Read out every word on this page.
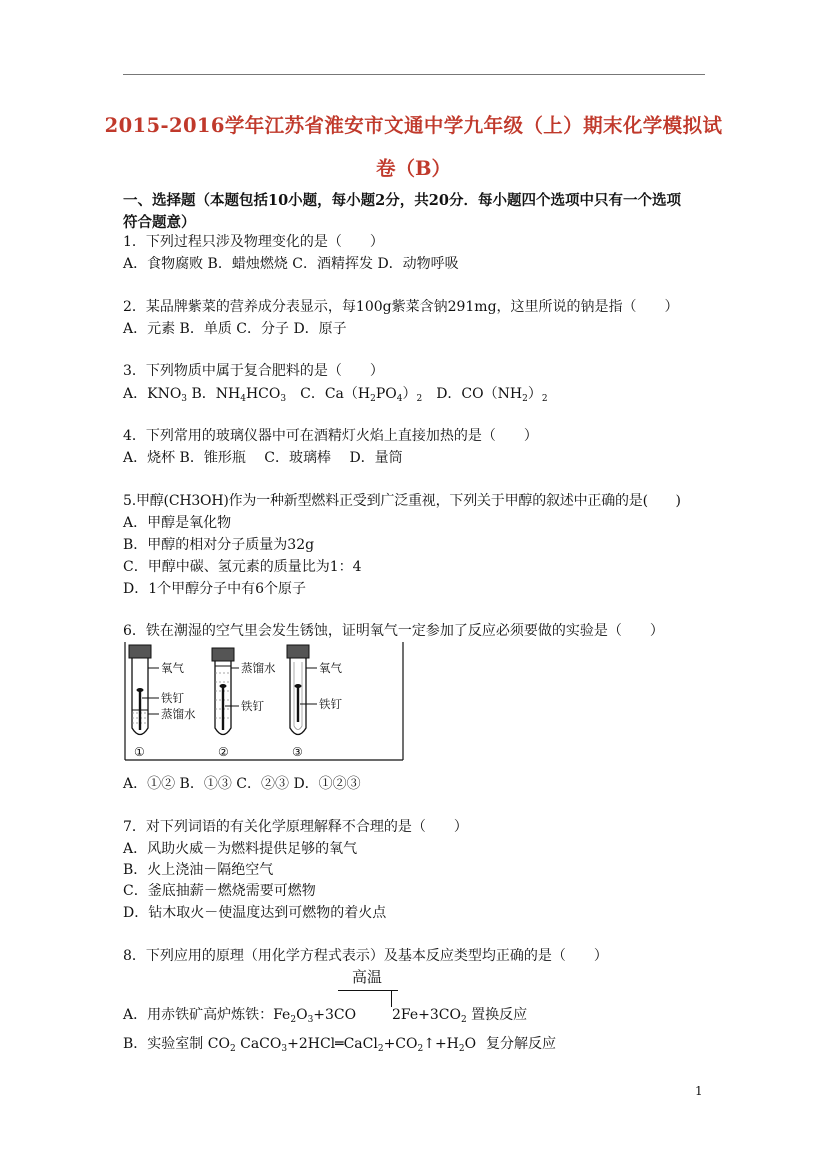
2015-2016学年江苏省淮安市文通中学九年级（上）期末化学模拟试
卷（B）
一、选择题（本题包括10小题，每小题2分，共20分．每小题四个选项中只有一个选项
符合题意）
1．下列过程只涉及物理变化的是（　　）
A．食物腐败 B．蜡烛燃烧 C．酒精挥发 D．动物呼吸
2．某品牌紫菜的营养成分表显示，每100g紫菜含钠291mg，这里所说的钠是指（　　）
A．元素 B．单质 C．分子 D．原子
3．下列物质中属于复合肥料的是（　　）
A．$KNO_3$ B．$NH_4HCO_3$　C．$Ca(H_2PO_4)_2$　D．$CO(NH_2)_2$
4．下列常用的玻璃仪器中可在酒精灯火焰上直接加热的是（　　）
A．烧杯 B．锥形瓶　 C．玻璃棒　 D．量筒
5.甲醇(CH3OH)作为一种新型燃料正受到广泛重视，下列关于甲醇的叙述中正确的是(　　)
A．甲醇是氧化物
B．甲醇的相对分子质量为32g
C．甲醇中碳、氢元素的质量比为1：4
D．1个甲醇分子中有6个原子
6．铁在潮湿的空气里会发生锈蚀，证明氧气一定参加了反应必须要做的实验是（　　）
氧气
铁钉
蒸馏水
①
蒸馏水
铁钉
②
氧气
铁钉
③
A．①② B．①③ C．②③ D．①②③
7．对下列词语的有关化学原理解释不合理的是（　　）
A．风助火威－为燃料提供足够的氧气
B．火上浇油－隔绝空气
C．釜底抽薪－燃烧需要可燃物
D．钻木取火－使温度达到可燃物的着火点
8．下列应用的原理（用化学方程式表示）及基本反应类型均正确的是（　　）
高温
A．用赤铁矿高炉炼铁：$Fe_2O_3+3CO$	$2Fe+3CO_2$ 置换反应
B．实验室制 $CO_2$ $CaCO_3+2HCl═CaCl_2+CO_2↑+H_2O$ 复分解反应
1
